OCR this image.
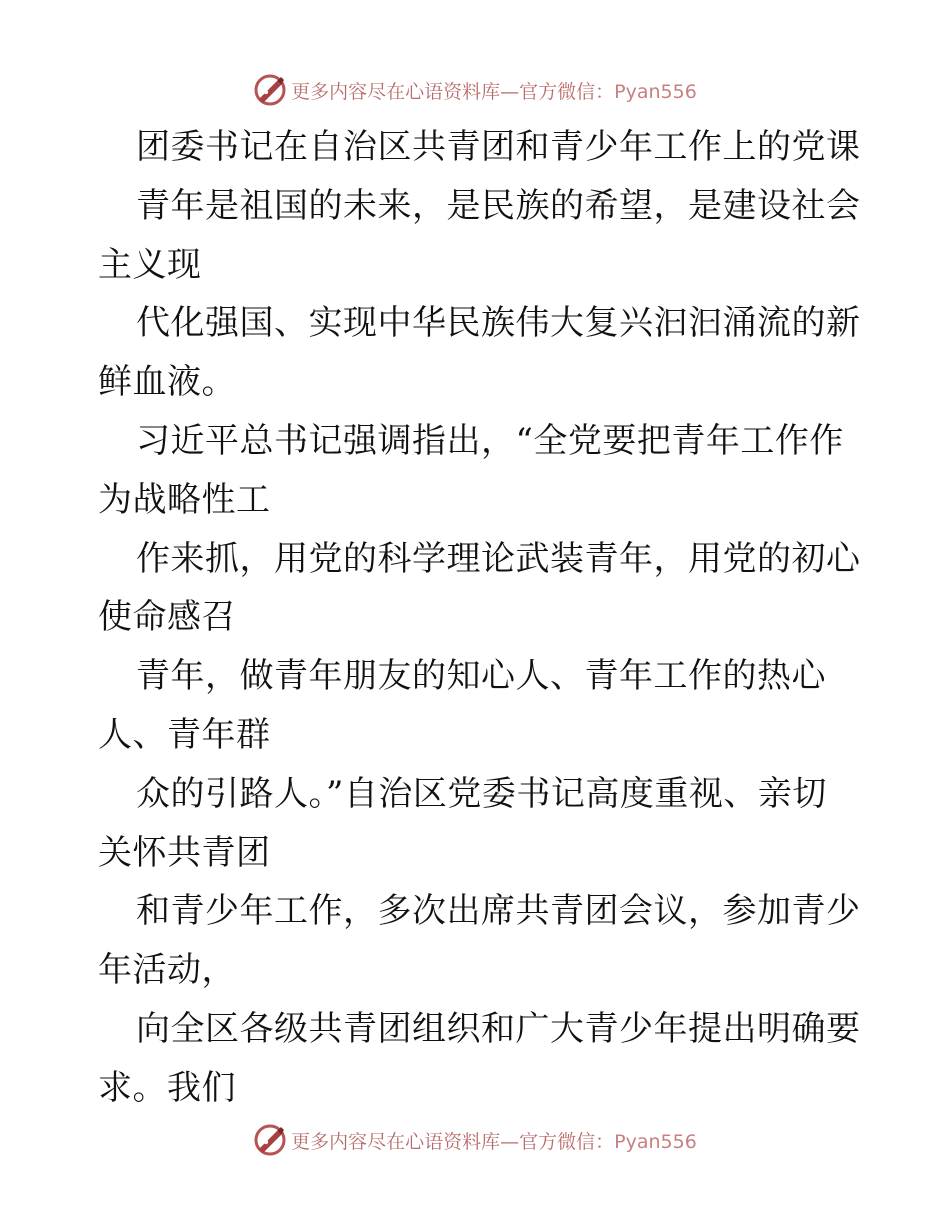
更多内容尽在心语资料库—官方微信：Pyan556
团委书记在自治区共青团和青少年工作上的党课
青年是祖国的未来，是民族的希望，是建设社会
主义现
代化强国、实现中华民族伟大复兴汩汩涌流的新
鲜血液。
习近平总书记强调指出，“全党要把青年工作作
为战略性工
作来抓，用党的科学理论武装青年，用党的初心
使命感召
青年，做青年朋友的知心人、青年工作的热心
人、青年群
众的引路人。”自治区党委书记高度重视、亲切
关怀共青团
和青少年工作，多次出席共青团会议，参加青少
年活动，
向全区各级共青团组织和广大青少年提出明确要
求。我们
更多内容尽在心语资料库—官方微信：Pyan556
